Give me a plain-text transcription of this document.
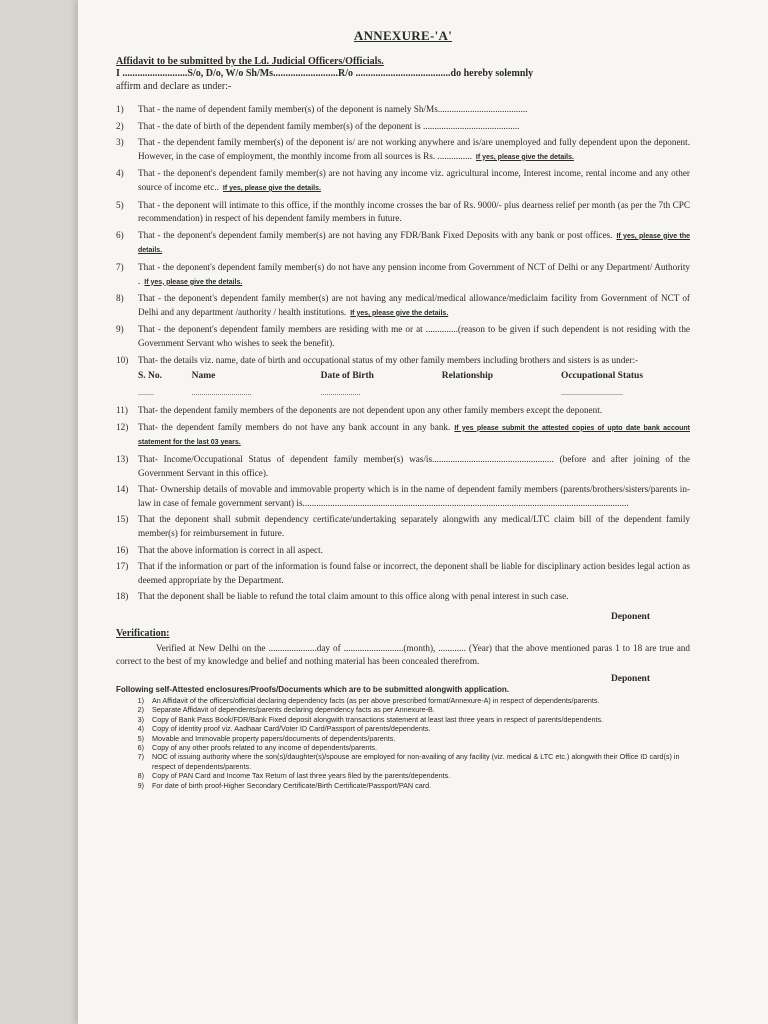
ANNEXURE-'A'
Affidavit to be submitted by the Ld. Judicial Officers/Officials.
I ..........................S/o, D/o, W/o Sh/Ms..........................R/o ......................................do hereby solemnly
affirm and declare as under:-
1)	That - the name of dependent family member(s) of the deponent is namely Sh/Ms.......................................
2)	That - the date of birth of the dependent family member(s) of the deponent is ..........................................
3)	That - the dependent family member(s) of the deponent is/ are not working anywhere and is/are unemployed and fully dependent upon the deponent. However, in the case of employment, the monthly income from all sources is Rs. ............... If yes, please give the details.
4)	That - the deponent's dependent family member(s) are not having any income viz. agricultural income, Interest income, rental income and any other source of income etc.. If yes, please give the details.
5)	That - the deponent will intimate to this office, if the monthly income crosses the bar of Rs. 9000/- plus dearness relief per month (as per the 7th CPC recommendation) in respect of his dependent family members in future.
6)	That - the deponent's dependent family member(s) are not having any FDR/Bank Fixed Deposits with any bank or post offices. If yes, please give the details.
7)	That - the deponent's dependent family member(s) do not have any pension income from Government of NCT of Delhi or any Department/ Authority . If yes, please give the details.
8)	That - the deponent's dependent family member(s) are not having any medical/medical allowance/mediclaim facility from Government of NCT of Delhi and any department /authority / health institutions. If yes, please give the details.
9)	That - the deponent's dependent family members are residing with me or at ..............(reason to be given if such dependent is not residing with the Government Servant who wishes to seek the benefit).
10)	That- the details viz. name, date of birth and occupational status of my other family members including brothers and sisters is as under:-
S. No.	Name	Date of Birth	Relationship	Occupational Status
........	..............................	....................	...............................
11)	That- the dependent family members of the deponents are not dependent upon any other family members except the deponent.
12)	That- the dependent family members do not have any bank account in any bank. If yes please submit the attested copies of upto date bank account statement for the last 03 years.
13)	That- Income/Occupational Status of dependent family member(s) was/is..................................................... (before and after joining of the Government Servant in this office).
14)	That- Ownership details of movable and immovable property which is in the name of dependent family members (parents/brothers/sisters/parents in-law in case of female government servant) is..............................................................................................................................................
15)	That the deponent shall submit dependency certificate/undertaking separately alongwith any medical/LTC claim bill of the dependent family member(s) for reimbursement in future.
16)	That the above information is correct in all aspect.
17)	That if the information or part of the information is found false or incorrect, the deponent shall be liable for disciplinary action besides legal action as deemed appropriate by the Department.
18)	That the deponent shall be liable to refund the total claim amount to this office along with penal interest in such case.
Deponent
Verification:
Verified at New Delhi on the .....................day of ..........................(month), ............ (Year) that the above mentioned paras 1 to 18 are true and correct to the best of my knowledge and belief and nothing material has been concealed therefrom.
Deponent
Following self-Attested enclosures/Proofs/Documents which are to be submitted alongwith application.
1)	An Affidavit of the officers/official declaring dependency facts (as per above prescribed format/Annexure-A) in respect of dependents/parents.
2)	Separate Affidavit of dependents/parents declaring dependency facts as per Annexure-B.
3)	Copy of Bank Pass Book/FDR/Bank Fixed deposit alongwith transactions statement at least last three years in respect of parents/dependents.
4)	Copy of identity proof viz. Aadhaar Card/Voter ID Card/Passport of parents/dependents.
5)	Movable and Immovable property papers/documents of dependents/parents.
6)	Copy of any other proofs related to any income of dependents/parents.
7)	NOC of issuing authority where the son(s)/daughter(s)/spouse are employed for non-availing of any facility (viz. medical & LTC etc.) alongwith their Office ID card(s) in respect of dependents/parents.
8)	Copy of PAN Card and Income Tax Return of last three years filed by the parents/dependents.
9)	For date of birth proof-Higher Secondary Certificate/Birth Certificate/Passport/PAN card.
